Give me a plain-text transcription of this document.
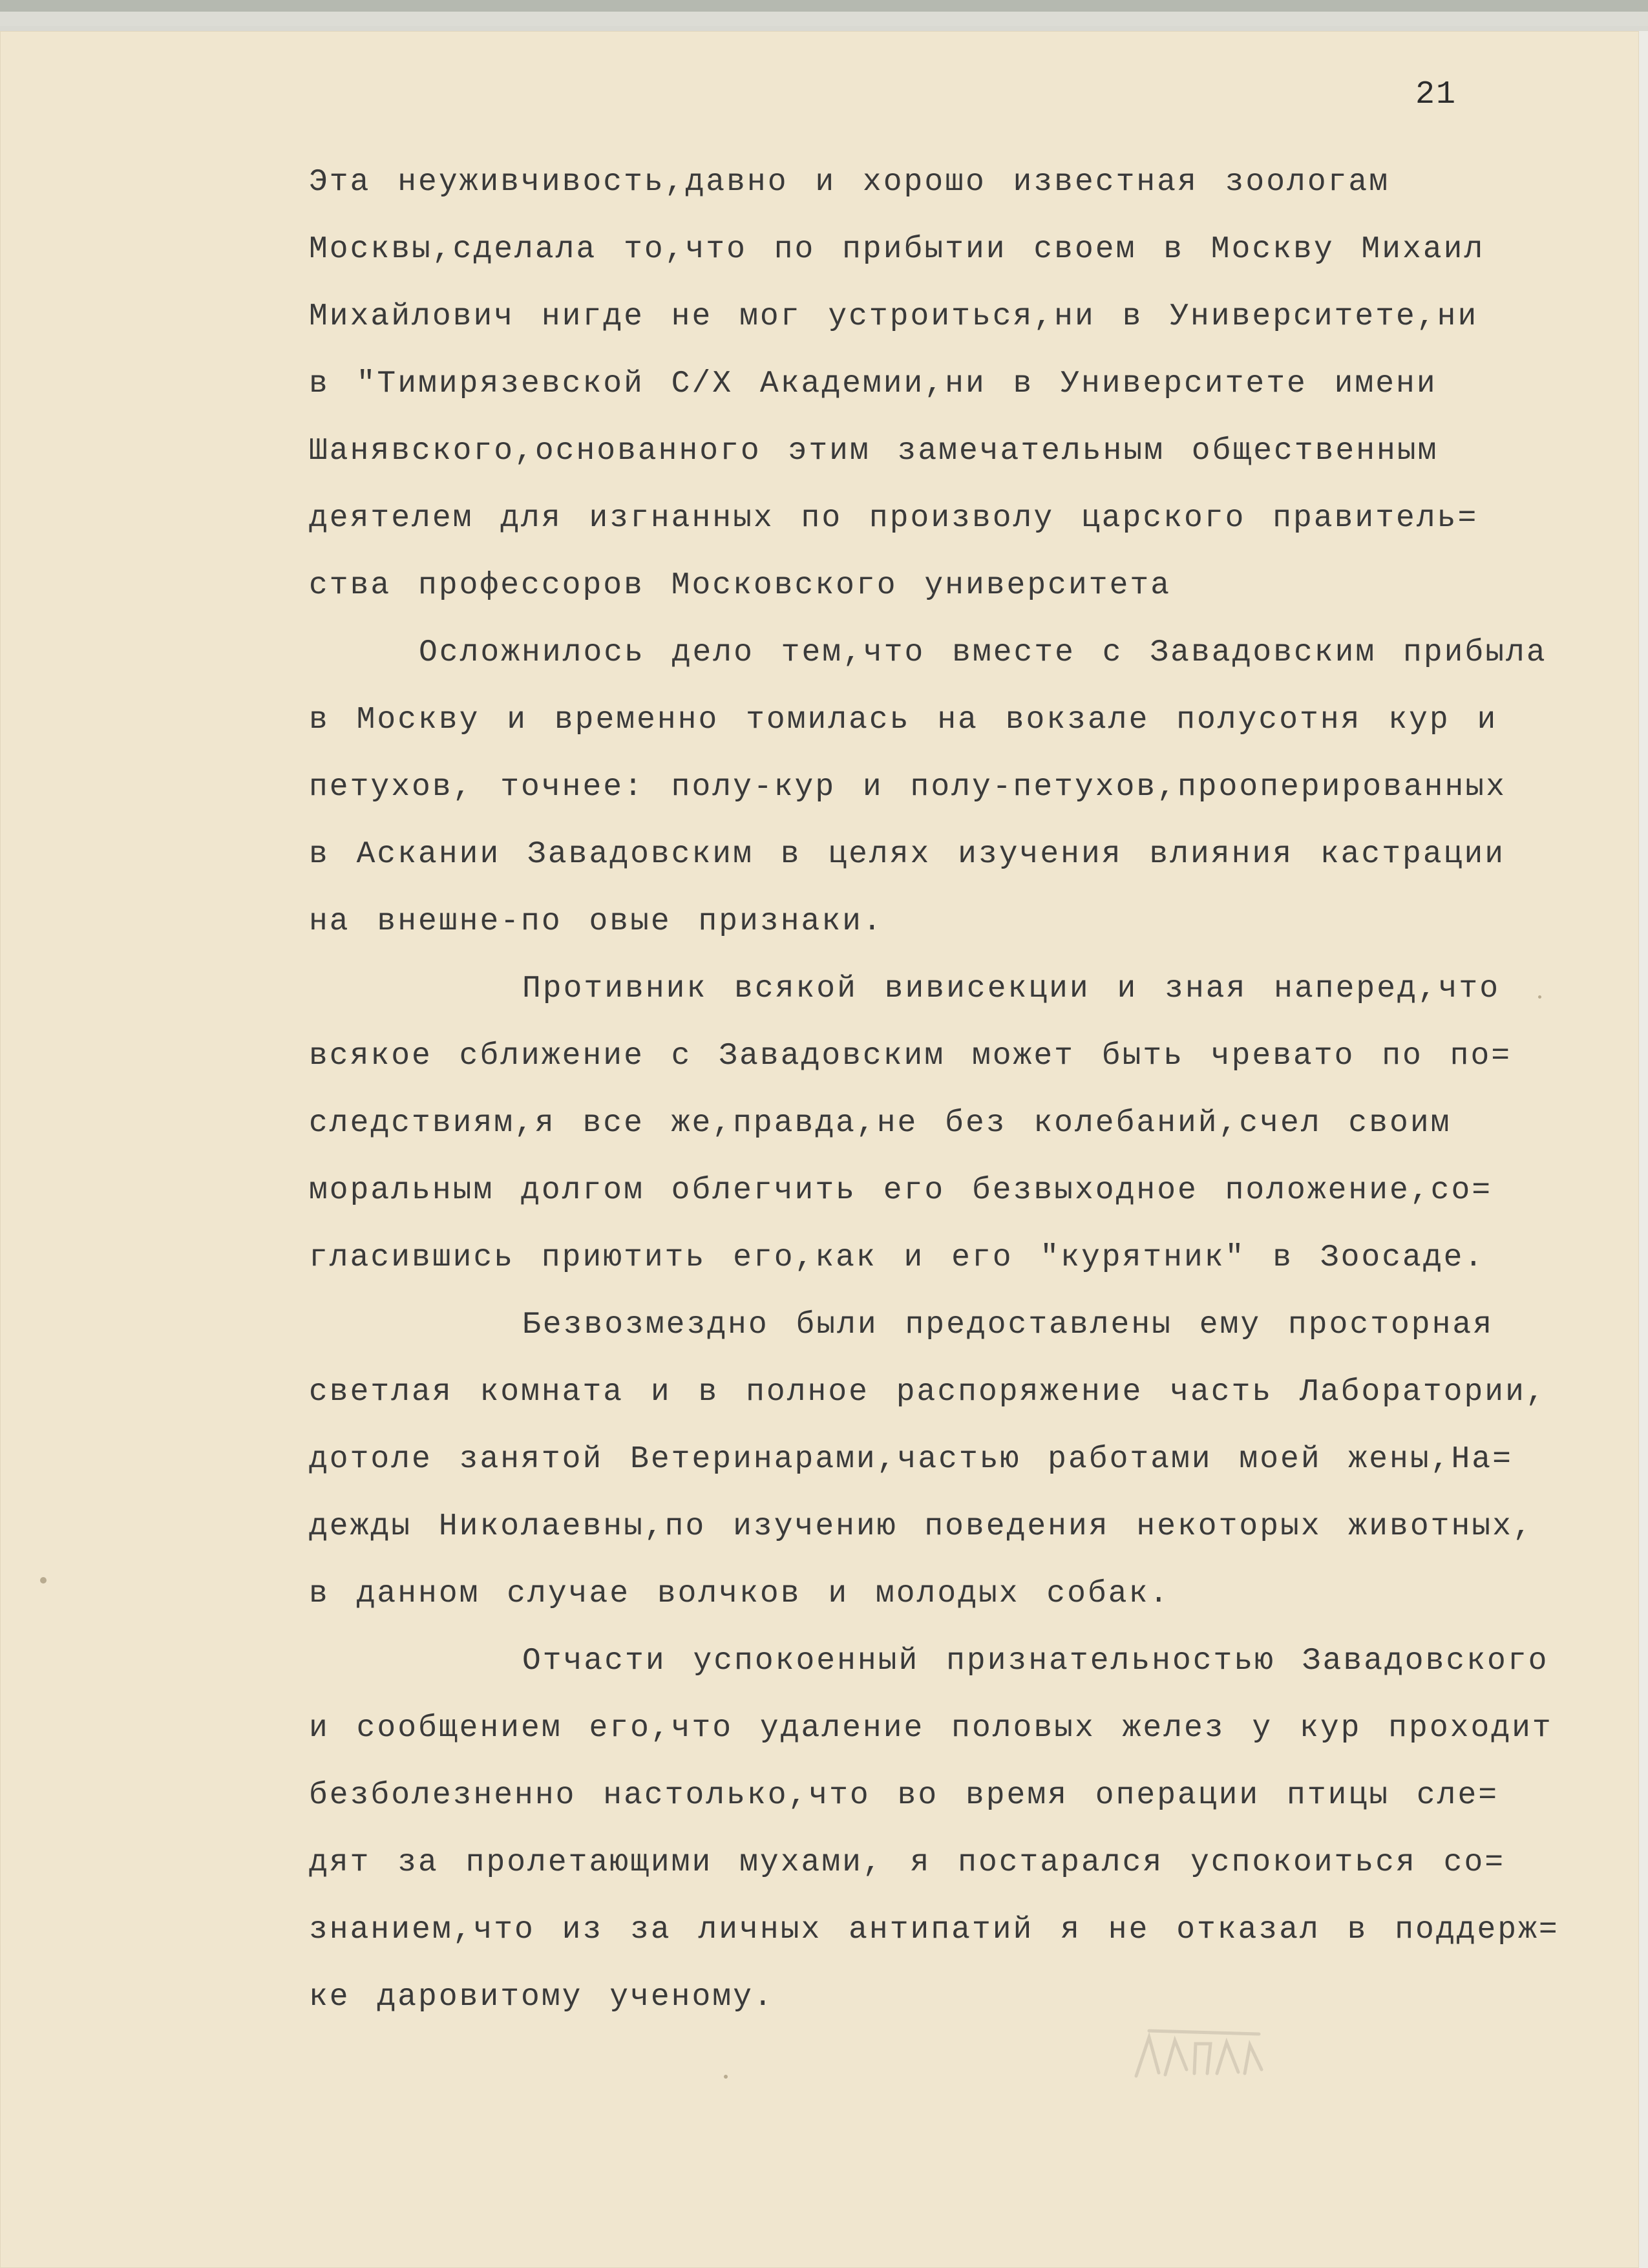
21
Эта неуживчивость,давно и хорошо известная зоологам
Москвы,сделала то,что по прибытии своем в Москву Михаил
Михайлович нигде не мог устроиться,ни в Университете,ни
в "Тимирязевской С/Х Академии,ни в Университете имени
Шанявского,основанного этим замечательным общественным
деятелем для изгнанных по произволу царского правитель=
ства профессоров Московского университета
Осложнилось дело тем,что вместе с Завадовским прибыла
в Москву и временно томилась на вокзале полусотня кур и
петухов, точнее: полу-кур и полу-петухов,прооперированных
в Аскании Завадовским в целях изучения влияния кастрации
на внешне-по овые признаки.
Противник всякой вивисекции и зная наперед,что
всякое сближение с Завадовским может быть чревато по по=
следствиям,я все же,правда,не без колебаний,счел своим
моральным долгом облегчить его безвыходное положение,со=
гласившись приютить его,как и его "курятник" в Зоосаде.
Безвозмездно были предоставлены ему просторная
светлая комната и в полное распоряжение часть Лаборатории,
дотоле занятой Ветеринарами,частью работами моей жены,На=
дежды Николаевны,по изучению поведения некоторых животных,
в данном случае волчков и молодых собак.
Отчасти успокоенный признательностью Завадовского
и сообщением его,что удаление половых желез у кур проходит
безболезненно настолько,что во время операции птицы сле=
дят за пролетающими мухами, я постарался успокоиться со=
знанием,что из за личных антипатий я не отказал в поддерж=
ке даровитому ученому.
